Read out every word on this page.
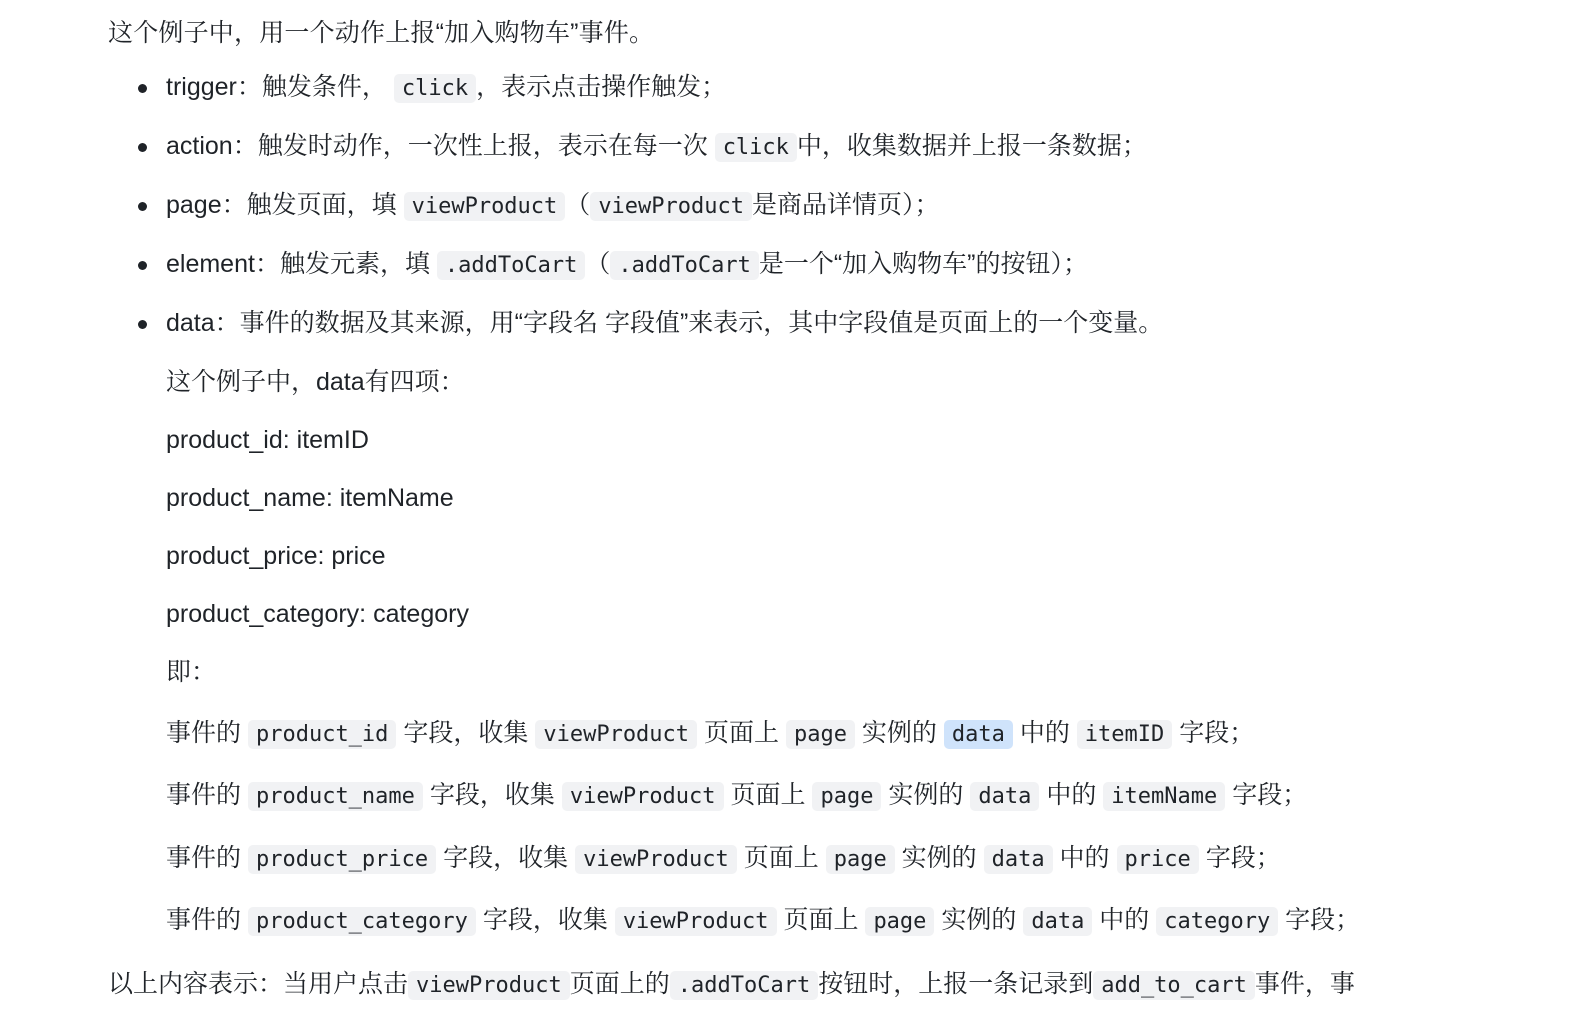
这个例子中，用一个动作上报“加入购物车”事件。

trigger：触发条件， click ，表示点击操作触发；
action：触发时动作，一次性上报，表示在每一次 click 中，收集数据并上报一条数据；
page：触发页面，填 viewProduct （ viewProduct 是商品详情页）；
element：触发元素，填 .addToCart （ .addToCart 是一个“加入购物车”的按钮）；
data：事件的数据及其来源，用“字段名 字段值”来表示，其中字段值是页面上的一个变量。
这个例子中，data有四项：
product_id: itemID
product_name: itemName
product_price: price
product_category: category
即：
事件的 product_id 字段，收集 viewProduct 页面上 page 实例的 data 中的 itemID 字段；
事件的 product_name 字段，收集 viewProduct 页面上 page 实例的 data 中的 itemName 字段；
事件的 product_price 字段，收集 viewProduct 页面上 page 实例的 data 中的 price 字段；
事件的 product_category 字段，收集 viewProduct 页面上 page 实例的 data 中的 category 字段；

以上内容表示：当用户点击 viewProduct 页面上的 .addToCart 按钮时，上报一条记录到 add_to_cart 事件，事
